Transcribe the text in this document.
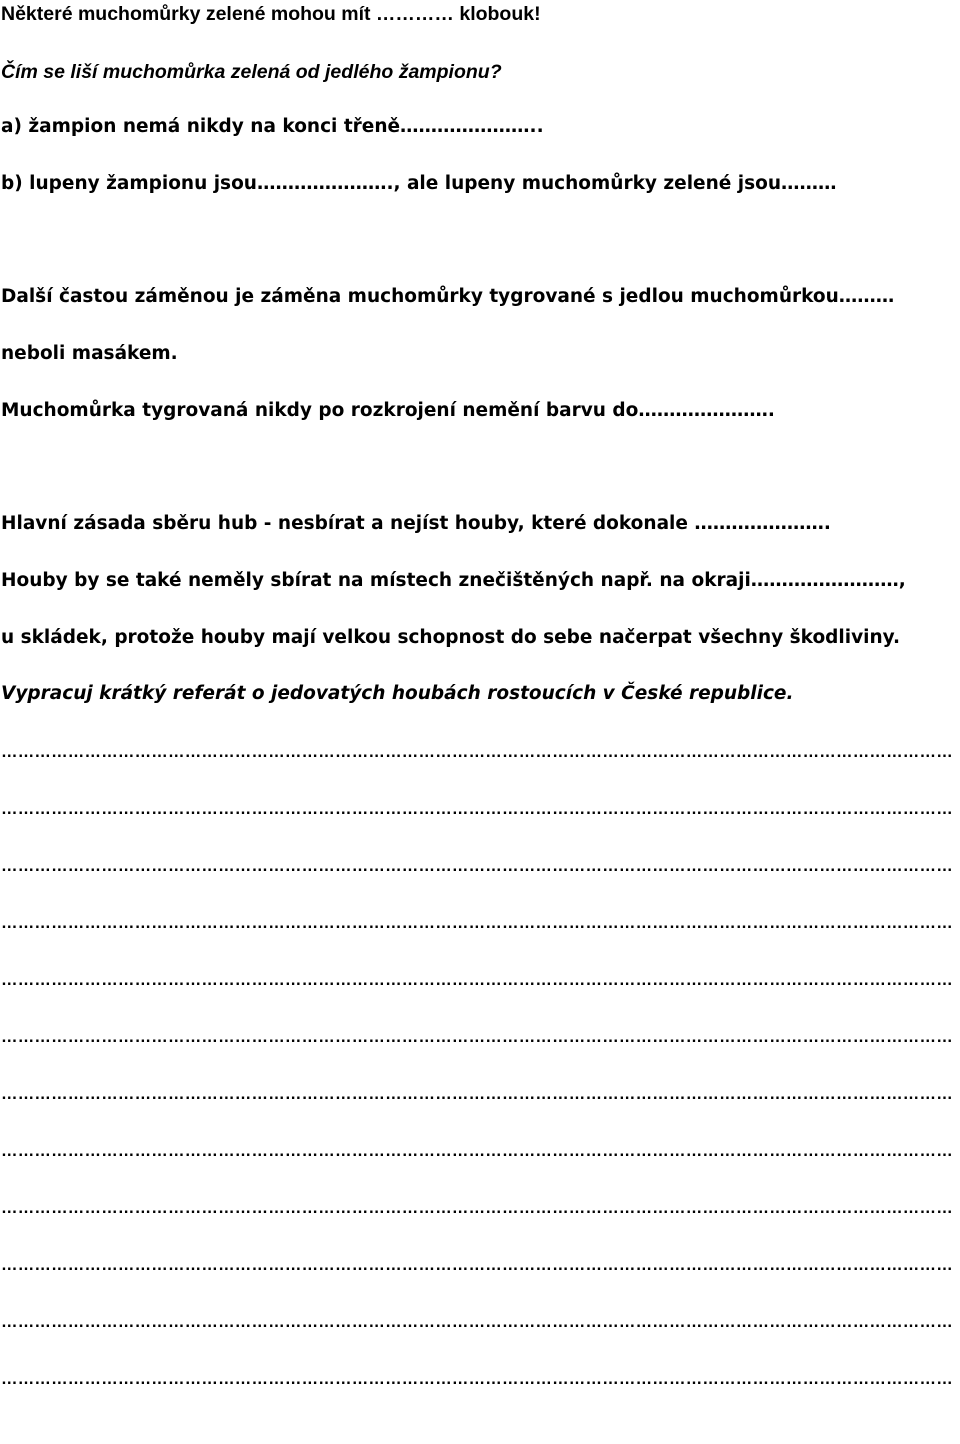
Některé muchomůrky zelené mohou mít ………… klobouk!
Čím se liší muchomůrka zelená od jedlého žampionu?
a) žampion nemá nikdy na konci třeně…………………..
b) lupeny žampionu jsou…………………., ale lupeny muchomůrky zelené jsou………
Další častou záměnou je záměna muchomůrky tygrované s jedlou muchomůrkou………
neboli masákem.
Muchomůrka tygrovaná nikdy po rozkrojení nemění barvu do………………….
Hlavní zásada sběru hub - nesbírat a nejíst houby, které dokonale ………………….
Houby by se také neměly sbírat na místech znečištěných např. na okraji……………………,
u skládek, protože houby mají velkou schopnost do sebe načerpat všechny škodliviny.
Vypracuj krátký referát o jedovatých houbách rostoucích v České republice.
………………………………………………………………………………………………………………………………………………………
………………………………………………………………………………………………………………………………………………………
………………………………………………………………………………………………………………………………………………………
………………………………………………………………………………………………………………………………………………………
………………………………………………………………………………………………………………………………………………………
………………………………………………………………………………………………………………………………………………………
………………………………………………………………………………………………………………………………………………………
………………………………………………………………………………………………………………………………………………………
………………………………………………………………………………………………………………………………………………………
………………………………………………………………………………………………………………………………………………………
………………………………………………………………………………………………………………………………………………………
………………………………………………………………………………………………………………………………………………………
